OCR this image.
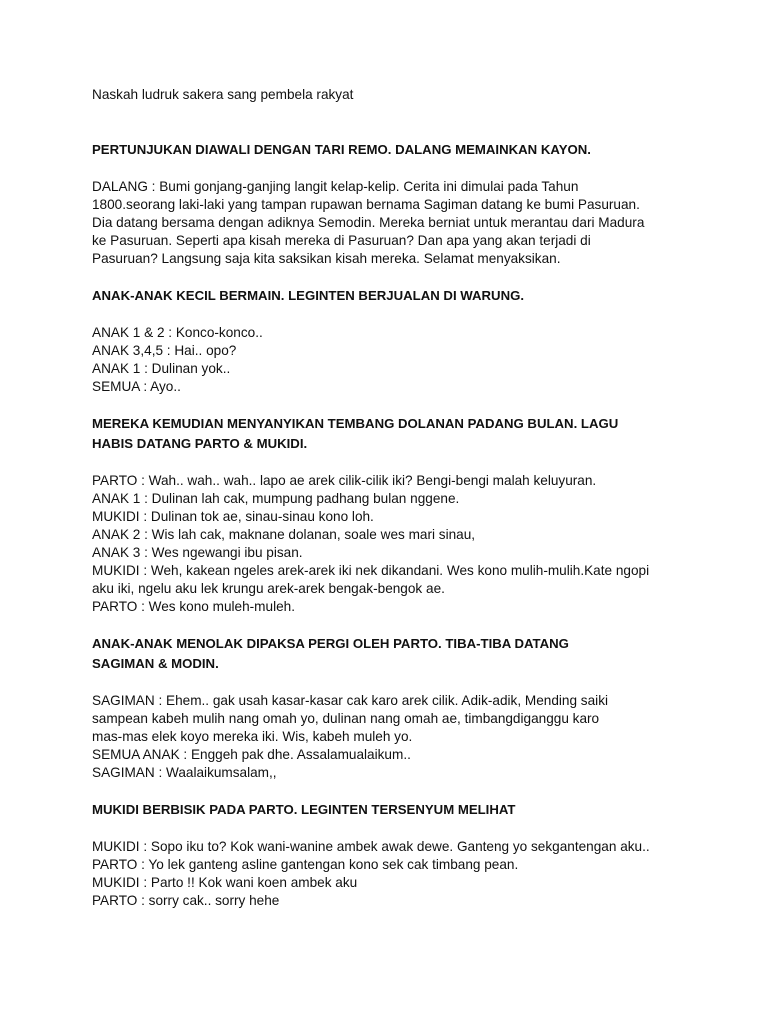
Naskah ludruk sakera sang pembela rakyat

PERTUNJUKAN DIAWALI DENGAN TARI REMO. DALANG MEMAINKAN KAYON.

DALANG : Bumi gonjang-ganjing langit kelap-kelip. Cerita ini dimulai pada Tahun

1800.seorang laki-laki yang tampan rupawan bernama Sagiman datang ke bumi Pasuruan.

Dia datang bersama dengan adiknya Semodin. Mereka berniat untuk merantau dari Madura

ke Pasuruan. Seperti apa kisah mereka di Pasuruan? Dan apa yang akan terjadi di

Pasuruan? Langsung saja kita saksikan kisah mereka. Selamat menyaksikan.

ANAK-ANAK KECIL BERMAIN. LEGINTEN BERJUALAN DI WARUNG.

ANAK 1 & 2 : Konco-konco..

ANAK 3,4,5 : Hai.. opo?

ANAK 1 : Dulinan yok..

SEMUA : Ayo..

MEREKA KEMUDIAN MENYANYIKAN TEMBANG DOLANAN PADANG BULAN. LAGU

HABIS DATANG PARTO & MUKIDI.

PARTO : Wah.. wah.. wah.. lapo ae arek cilik-cilik iki? Bengi-bengi malah keluyuran.

ANAK 1 : Dulinan lah cak, mumpung padhang bulan nggene.

MUKIDI : Dulinan tok ae, sinau-sinau kono loh.

ANAK 2 : Wis lah cak, maknane dolanan, soale wes mari sinau,

ANAK 3 : Wes ngewangi ibu pisan.

MUKIDI : Weh, kakean ngeles arek-arek iki nek dikandani. Wes kono mulih-mulih.Kate ngopi

aku iki, ngelu aku lek krungu arek-arek bengak-bengok ae.

PARTO : Wes kono muleh-muleh.

ANAK-ANAK MENOLAK DIPAKSA PERGI OLEH PARTO. TIBA-TIBA DATANG

SAGIMAN & MODIN.

SAGIMAN : Ehem.. gak usah kasar-kasar cak karo arek cilik. Adik-adik, Mending saiki

sampean kabeh mulih nang omah yo, dulinan nang omah ae, timbangdiganggu karo

mas-mas elek koyo mereka iki. Wis, kabeh muleh yo.

SEMUA ANAK : Enggeh pak dhe. Assalamualaikum..

SAGIMAN : Waalaikumsalam,,

MUKIDI BERBISIK PADA PARTO. LEGINTEN TERSENYUM MELIHAT

MUKIDI : Sopo iku to? Kok wani-wanine ambek awak dewe. Ganteng yo sekgantengan aku..

PARTO : Yo lek ganteng asline gantengan kono sek cak timbang pean.

MUKIDI : Parto !! Kok wani koen ambek aku

PARTO : sorry cak.. sorry hehe
